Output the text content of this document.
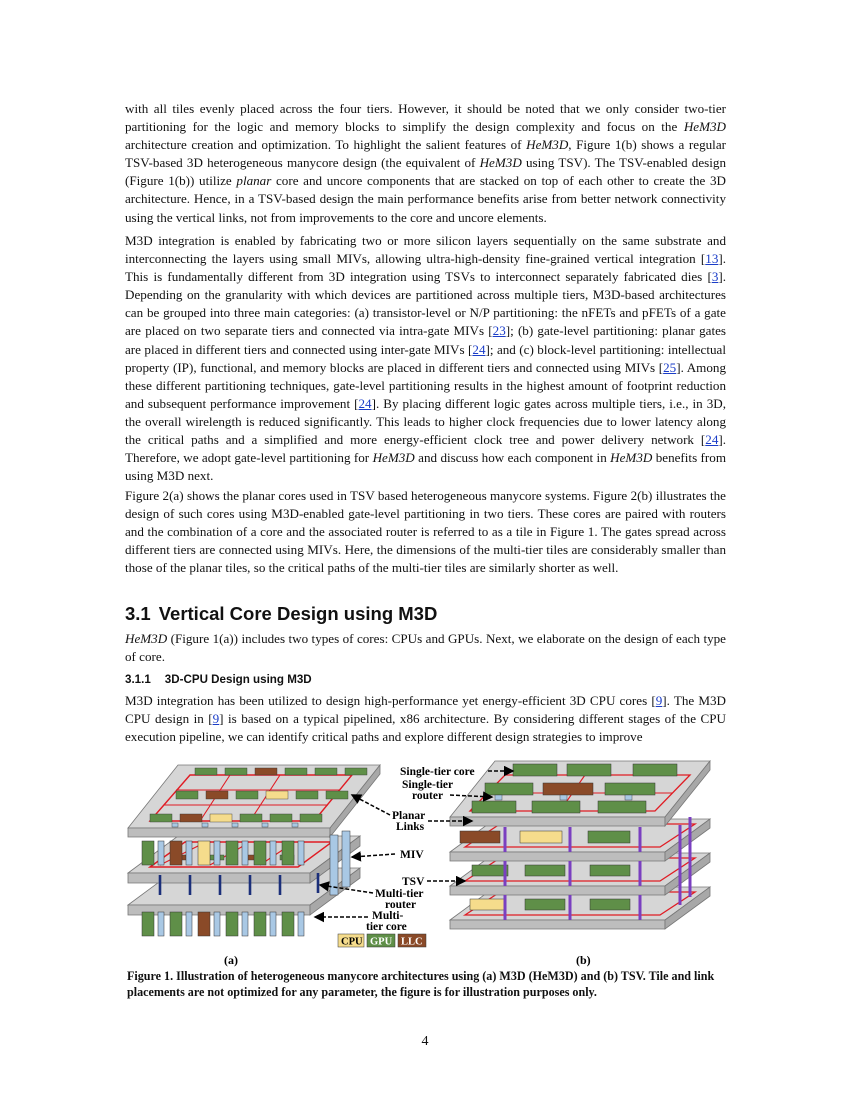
with all tiles evenly placed across the four tiers. However, it should be noted that we only consider two-tier partitioning for the logic and memory blocks to simplify the design complexity and focus on the HeM3D architecture creation and optimization. To highlight the salient features of HeM3D, Figure 1(b) shows a regular TSV-based 3D heterogeneous manycore design (the equivalent of HeM3D using TSV). The TSV-enabled design (Figure 1(b)) utilize planar core and uncore components that are stacked on top of each other to create the 3D architecture. Hence, in a TSV-based design the main performance benefits arise from better network connectivity using the vertical links, not from improvements to the core and uncore elements.

M3D integration is enabled by fabricating two or more silicon layers sequentially on the same substrate and interconnecting the layers using small MIVs, allowing ultra-high-density fine-grained vertical integration [13]. This is fundamentally different from 3D integration using TSVs to interconnect separately fabricated dies [3]. Depending on the granularity with which devices are partitioned across multiple tiers, M3D-based architectures can be grouped into three main categories: (a) transistor-level or N/P partitioning: the nFETs and pFETs of a gate are placed on two separate tiers and connected via intra-gate MIVs [23]; (b) gate-level partitioning: planar gates are placed in different tiers and connected using inter-gate MIVs [24]; and (c) block-level partitioning: intellectual property (IP), functional, and memory blocks are placed in different tiers and connected using MIVs [25]. Among these different partitioning techniques, gate-level partitioning results in the highest amount of footprint reduction and subsequent performance improvement [24]. By placing different logic gates across multiple tiers, i.e., in 3D, the overall wirelength is reduced significantly. This leads to higher clock frequencies due to lower latency along the critical paths and a simplified and more energy-efficient clock tree and power delivery network [24]. Therefore, we adopt gate-level partitioning for HeM3D and discuss how each component in HeM3D benefits from using M3D next.

Figure 2(a) shows the planar cores used in TSV based heterogeneous manycore systems. Figure 2(b) illustrates the design of such cores using M3D-enabled gate-level partitioning in two tiers. These cores are paired with routers and the combination of a core and the associated router is referred to as a tile in Figure 1. The gates spread across different tiers are connected using MIVs. Here, the dimensions of the multi-tier tiles are considerably smaller than those of the planar tiles, so the critical paths of the multi-tier tiles are similarly shorter as well.

3.1 Vertical Core Design using M3D

HeM3D (Figure 1(a)) includes two types of cores: CPUs and GPUs. Next, we elaborate on the design of each type of core.

3.1.1 3D-CPU Design using M3D

M3D integration has been utilized to design high-performance yet energy-efficient 3D CPU cores [9]. The M3D CPU design in [9] is based on a typical pipelined, x86 architecture. By considering different stages of the CPU execution pipeline, we can identify critical paths and explore different design strategies to improve

Single-tier core
Single-tier
router
Planar
Links
MIV
TSV
Multi-tier
router
Multi-
tier core
CPU GPU LLC
(a)	(b)

Figure 1. Illustration of heterogeneous manycore architectures using (a) M3D (HeM3D) and (b) TSV. Tile and link placements are not optimized for any parameter, the figure is for illustration purposes only.

4
